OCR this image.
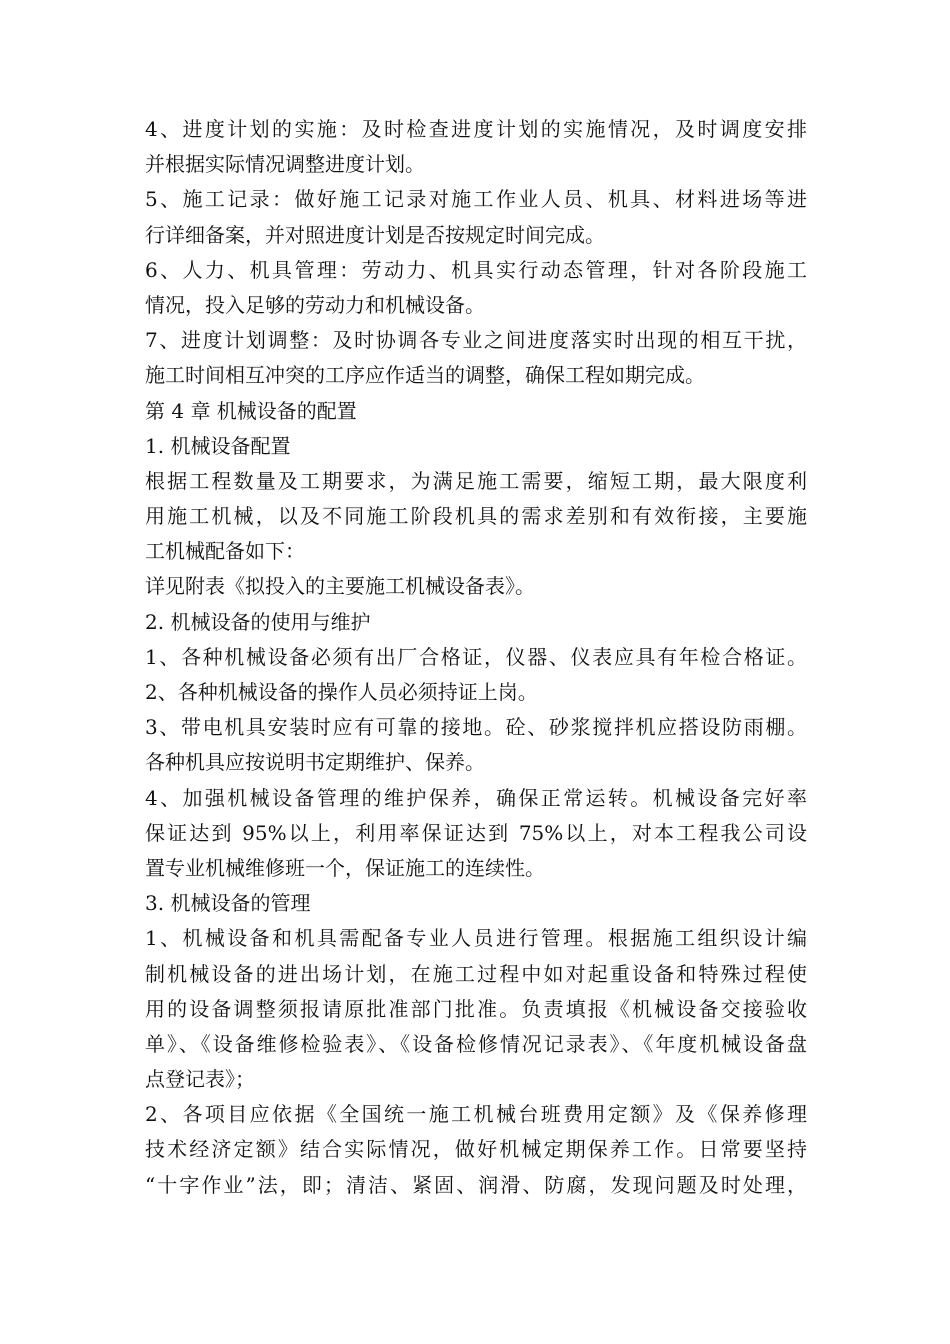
4、进度计划的实施：及时检查进度计划的实施情况，及时调度安排
并根据实际情况调整进度计划。
5、施工记录：做好施工记录对施工作业人员、机具、材料进场等进
行详细备案，并对照进度计划是否按规定时间完成。
6、人力、机具管理：劳动力、机具实行动态管理，针对各阶段施工
情况，投入足够的劳动力和机械设备。
7、进度计划调整：及时协调各专业之间进度落实时出现的相互干扰，
施工时间相互冲突的工序应作适当的调整，确保工程如期完成。
第 4 章 机械设备的配置
1. 机械设备配置
根据工程数量及工期要求，为满足施工需要，缩短工期，最大限度利
用施工机械，以及不同施工阶段机具的需求差别和有效衔接，主要施
工机械配备如下：
详见附表《拟投入的主要施工机械设备表》。
2. 机械设备的使用与维护
1、各种机械设备必须有出厂合格证，仪器、仪表应具有年检合格证。
2、各种机械设备的操作人员必须持证上岗。
3、带电机具安装时应有可靠的接地。砼、砂浆搅拌机应搭设防雨棚。
各种机具应按说明书定期维护、保养。
4、加强机械设备管理的维护保养，确保正常运转。机械设备完好率
保证达到 95%以上，利用率保证达到 75%以上，对本工程我公司设
置专业机械维修班一个，保证施工的连续性。
3. 机械设备的管理
1、机械设备和机具需配备专业人员进行管理。根据施工组织设计编
制机械设备的进出场计划，在施工过程中如对起重设备和特殊过程使
用的设备调整须报请原批准部门批准。负责填报《机械设备交接验收
单》、《设备维修检验表》、《设备检修情况记录表》、《年度机械设备盘
点登记表》；
2、各项目应依据《全国统一施工机械台班费用定额》及《保养修理
技术经济定额》结合实际情况，做好机械定期保养工作。日常要坚持
“十字作业”法，即；清洁、紧固、润滑、防腐，发现问题及时处理，
